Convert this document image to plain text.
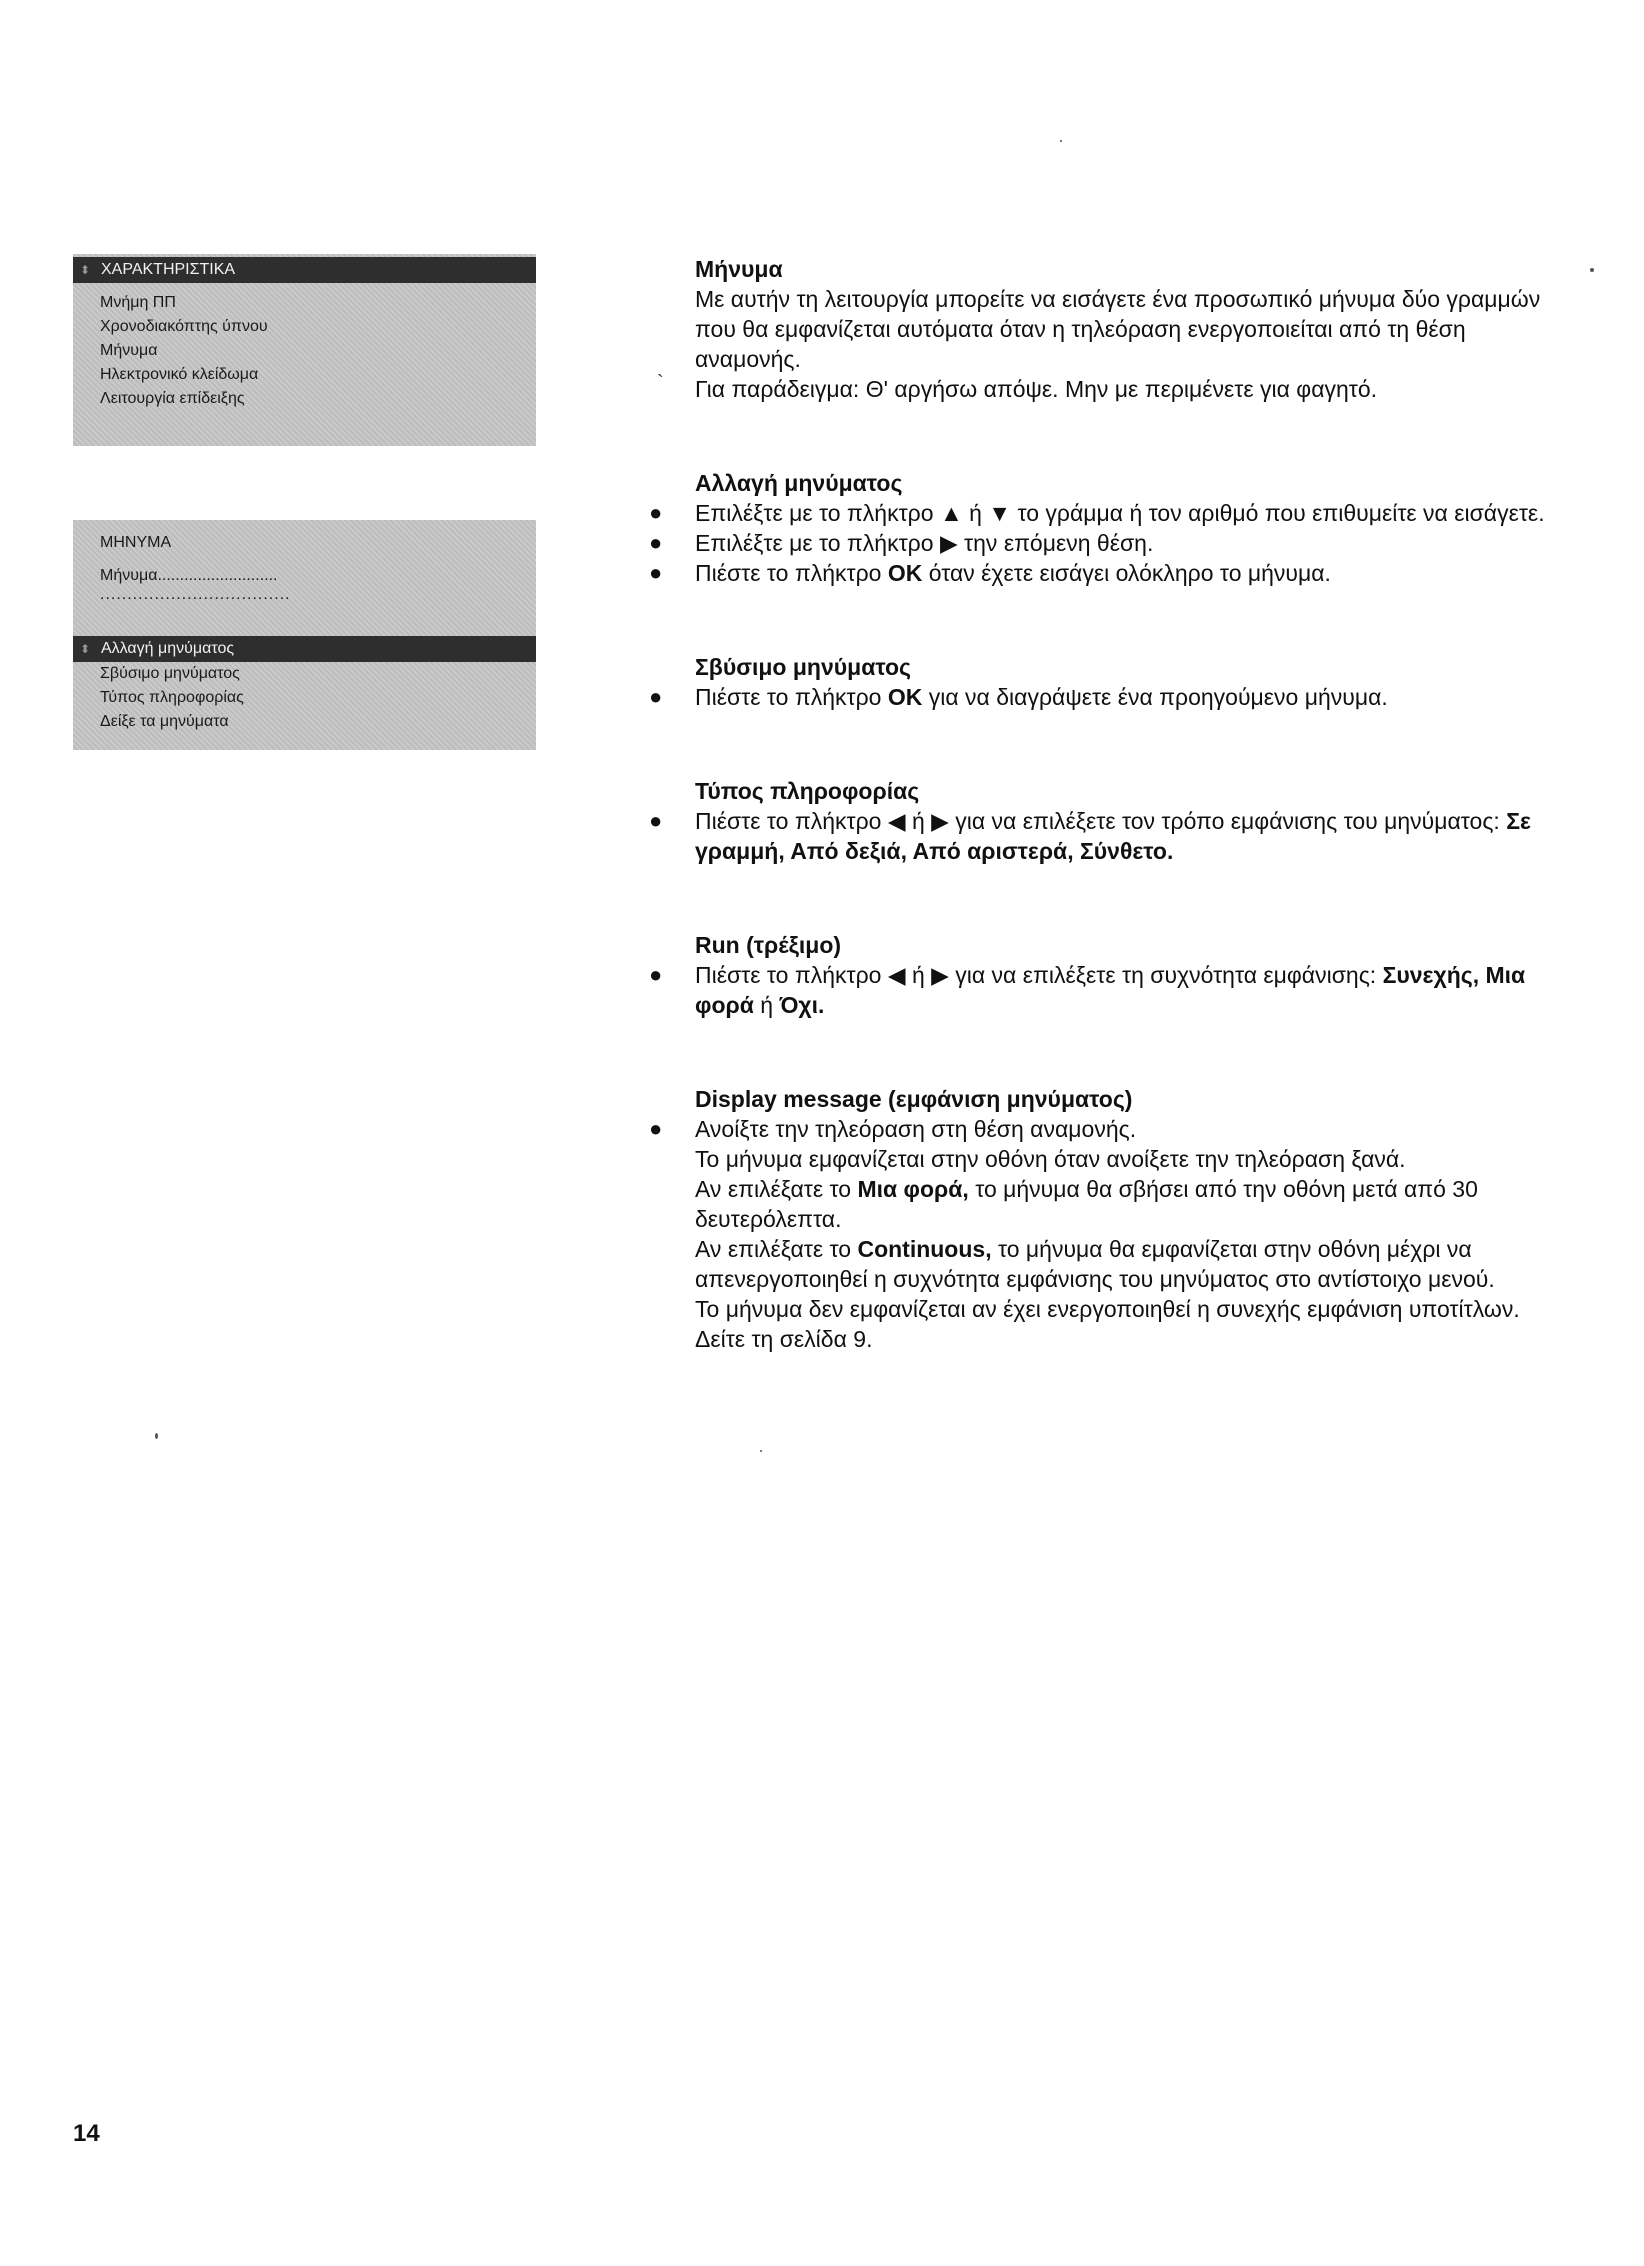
⬍ ΧΑΡΑΚΤΗΡΙΣΤΙΚΑ
Μνήμη ΠΠ
Χρονοδιακόπτης ύπνου
Μήνυμα
Ηλεκτρονικό κλείδωμα
Λειτουργία επίδειξης
ΜΗΝΥΜΑ
Μήνυμα...........................
...................................
⬍ Αλλαγή μηνύματος
Σβύσιμο μηνύματος
Τύπος πληροφορίας
Δείξε τα μηνύματα
Μήνυμα

Με αυτήν τη λειτουργία μπορείτε να εισάγετε ένα προσωπικό μήνυμα δύο γραμμών που θα εμφανίζεται αυτόματα όταν η τηλεόραση ενεργοποιείται από τη θέση αναμονής.

` Για παράδειγμα: Θ' αργήσω απόψε. Μην με περιμένετε για φαγητό.

Αλλαγή μηνύματος

● Επιλέξτε με το πλήκτρο ▲ ή ▼ το γράμμα ή τον αριθμό που επιθυμείτε να εισάγετε.

● Επιλέξτε με το πλήκτρο ▶ την επόμενη θέση.

● Πιέστε το πλήκτρο OK όταν έχετε εισάγει ολόκληρο το μήνυμα.

Σβύσιμο μηνύματος

● Πιέστε το πλήκτρο OK για να διαγράψετε ένα προηγούμενο μήνυμα.

Τύπος πληροφορίας

● Πιέστε το πλήκτρο ◀ ή ▶ για να επιλέξετε τον τρόπο εμφάνισης του μηνύματος: Σε γραμμή, Από δεξιά, Από αριστερά, Σύνθετο.

Run (τρέξιμο)

● Πιέστε το πλήκτρο ◀ ή ▶ για να επιλέξετε τη συχνότητα εμφάνισης: Συνεχής, Μια φορά ή Όχι.

Display message (εμφάνιση μηνύματος)

● Ανοίξτε την τηλεόραση στη θέση αναμονής.

Το μήνυμα εμφανίζεται στην οθόνη όταν ανοίξετε την τηλεόραση ξανά.

Αν επιλέξατε το Μια φορά, το μήνυμα θα σβήσει από την οθόνη μετά από 30 δευτερόλεπτα.

Αν επιλέξατε το Continuous, το μήνυμα θα εμφανίζεται στην οθόνη μέχρι να απενεργοποιηθεί η συχνότητα εμφάνισης του μηνύματος στο αντίστοιχο μενού.

Το μήνυμα δεν εμφανίζεται αν έχει ενεργοποιηθεί η συνεχής εμφάνιση υποτίτλων. Δείτε τη σελίδα 9.

14
